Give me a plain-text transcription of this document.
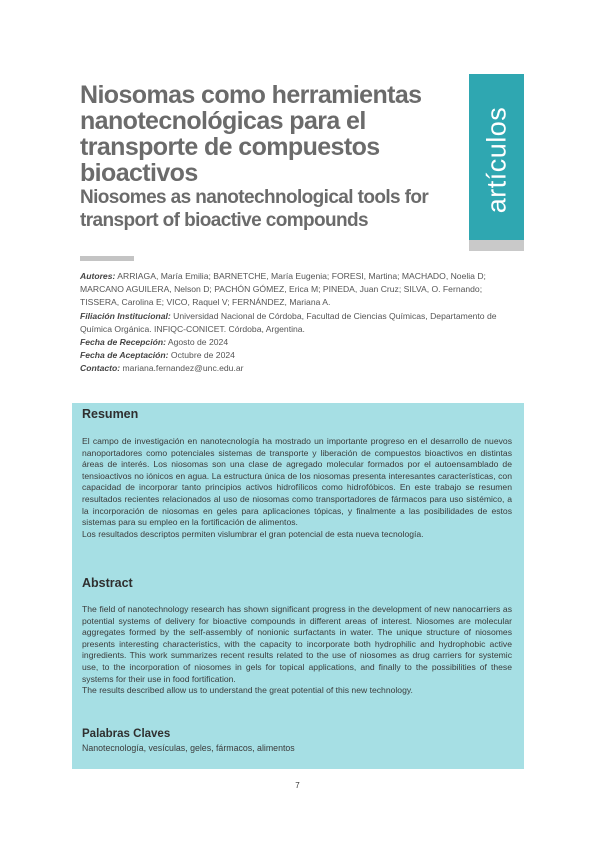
Niosomas como herramientas nanotecnológicas para el transporte de compuestos bioactivos
Niosomes as nanotechnological tools for transport of bioactive compounds
artículos

Autores: ARRIAGA, María Emilia; BARNETCHE, María Eugenia; FORESI, Martina; MACHADO, Noelia D; MARCANO AGUILERA, Nelson D; PACHÓN GÓMEZ, Erica M; PINEDA, Juan Cruz; SILVA, O. Fernando; TISSERA, Carolina E; VICO, Raquel V; FERNÁNDEZ, Mariana A.

Filiación Institucional: Universidad Nacional de Córdoba, Facultad de Ciencias Químicas, Departamento de Química Orgánica. INFIQC-CONICET. Córdoba, Argentina.

Fecha de Recepción: Agosto de 2024

Fecha de Aceptación: Octubre de 2024

Contacto: mariana.fernandez@unc.edu.ar

Resumen
El campo de investigación en nanotecnología ha mostrado un importante progreso en el desarrollo de nuevos nanoportadores como potenciales sistemas de transporte y liberación de compuestos bioactivos en distintas áreas de interés. Los niosomas son una clase de agregado molecular formados por el autoensamblado de tensioactivos no iónicos en agua. La estructura única de los niosomas presenta interesantes características, con capacidad de incorporar tanto principios activos hidrofílicos como hidrofóbicos. En este trabajo se resumen resultados recientes relacionados al uso de niosomas como transportadores de fármacos para uso sistémico, a la incorporación de niosomas en geles para aplicaciones tópicas, y finalmente a las posibilidades de estos sistemas para su empleo en la fortificación de alimentos.
Los resultados descriptos permiten vislumbrar el gran potencial de esta nueva tecnología.
Abstract
The field of nanotechnology research has shown significant progress in the development of new nanocarriers as potential systems of delivery for bioactive compounds in different areas of interest. Niosomes are molecular aggregates formed by the self-assembly of nonionic surfactants in water. The unique structure of niosomes presents interesting characteristics, with the capacity to incorporate both hydrophilic and hydrophobic active ingredients. This work summarizes recent results related to the use of niosomes as drug carriers for systemic use, to the incorporation of niosomes in gels for topical applications, and finally to the possibilities of these systems for their use in food fortification.
The results described allow us to understand the great potential of this new technology.
Palabras Claves
Nanotecnología, vesículas, geles, fármacos, alimentos
7
